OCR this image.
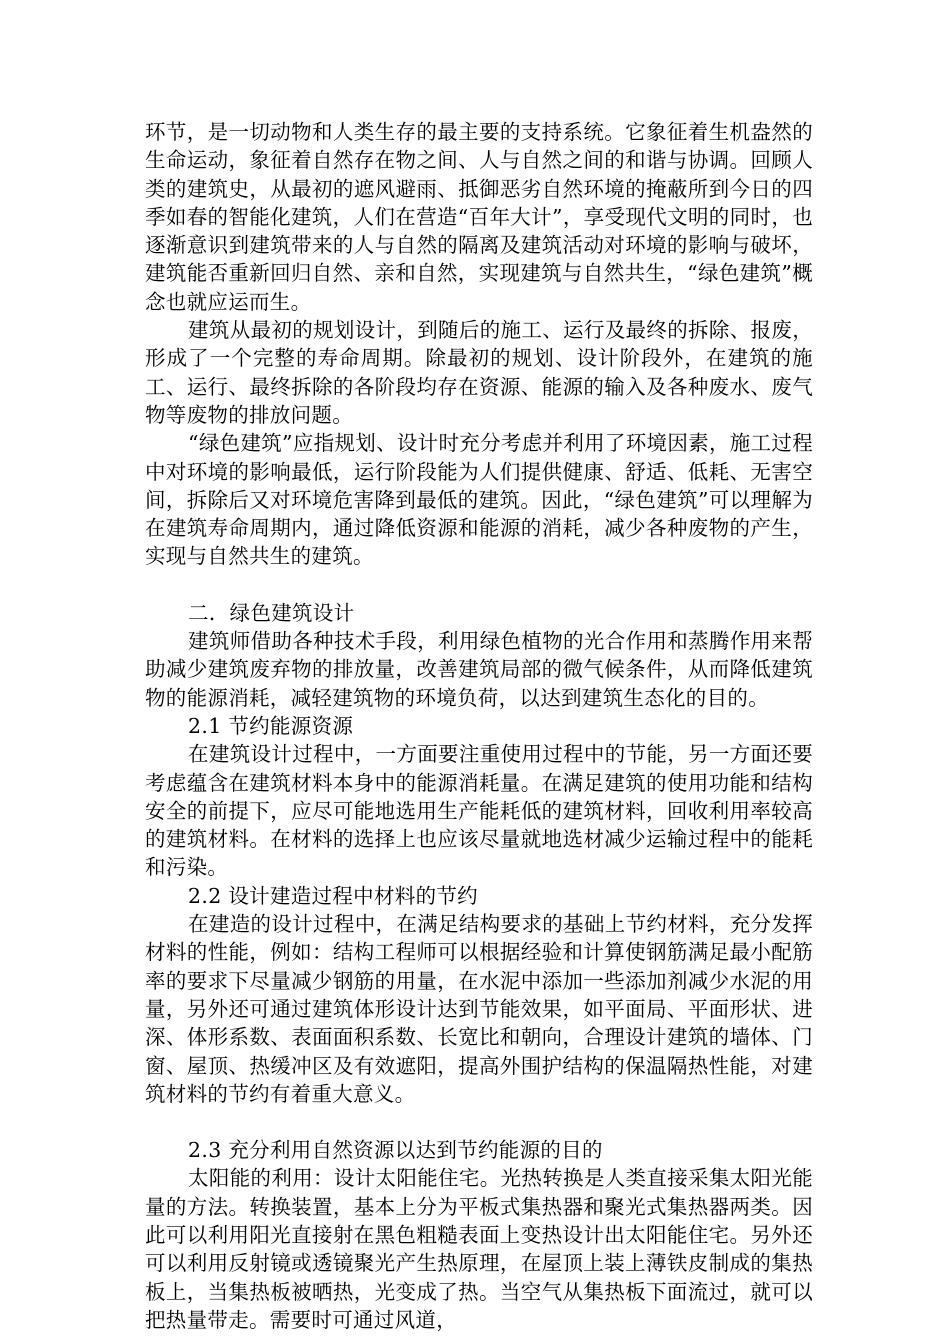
环节，是一切动物和人类生存的最主要的支持系统。它象征着生机盎然的生命运动，象征着自然存在物之间、人与自然之间的和谐与协调。回顾人类的建筑史，从最初的遮风避雨、抵御恶劣自然环境的掩蔽所到今日的四季如春的智能化建筑，人们在营造“百年大计”，享受现代文明的同时，也逐渐意识到建筑带来的人与自然的隔离及建筑活动对环境的影响与破坏，建筑能否重新回归自然、亲和自然，实现建筑与自然共生，“绿色建筑”概念也就应运而生。

建筑从最初的规划设计，到随后的施工、运行及最终的拆除、报废，形成了一个完整的寿命周期。除最初的规划、设计阶段外，在建筑的施工、运行、最终拆除的各阶段均存在资源、能源的输入及各种废水、废气物等废物的排放问题。

“绿色建筑”应指规划、设计时充分考虑并利用了环境因素，施工过程中对环境的影响最低，运行阶段能为人们提供健康、舒适、低耗、无害空间，拆除后又对环境危害降到最低的建筑。因此，“绿色建筑”可以理解为在建筑寿命周期内，通过降低资源和能源的消耗，减少各种废物的产生，实现与自然共生的建筑。

二．绿色建筑设计

建筑师借助各种技术手段，利用绿色植物的光合作用和蒸腾作用来帮助减少建筑废弃物的排放量，改善建筑局部的微气候条件，从而降低建筑物的能源消耗，减轻建筑物的环境负荷，以达到建筑生态化的目的。

2.1 节约能源资源

在建筑设计过程中，一方面要注重使用过程中的节能，另一方面还要考虑蕴含在建筑材料本身中的能源消耗量。在满足建筑的使用功能和结构安全的前提下，应尽可能地选用生产能耗低的建筑材料，回收利用率较高的建筑材料。在材料的选择上也应该尽量就地选材减少运输过程中的能耗和污染。

2.2 设计建造过程中材料的节约

在建造的设计过程中，在满足结构要求的基础上节约材料，充分发挥材料的性能，例如：结构工程师可以根据经验和计算使钢筋满足最小配筋率的要求下尽量减少钢筋的用量，在水泥中添加一些添加剂减少水泥的用量，另外还可通过建筑体形设计达到节能效果，如平面局、平面形状、进深、体形系数、表面面积系数、长宽比和朝向，合理设计建筑的墙体、门窗、屋顶、热缓冲区及有效遮阳，提高外围护结构的保温隔热性能，对建筑材料的节约有着重大意义。

2.3 充分利用自然资源以达到节约能源的目的

太阳能的利用：设计太阳能住宅。光热转换是人类直接采集太阳光能量的方法。转换装置，基本上分为平板式集热器和聚光式集热器两类。因此可以利用阳光直接射在黑色粗糙表面上变热设计出太阳能住宅。另外还可以利用反射镜或透镜聚光产生热原理，在屋顶上装上薄铁皮制成的集热板上，当集热板被晒热，光变成了热。当空气从集热板下面流过，就可以把热量带走。需要时可通过风道，
